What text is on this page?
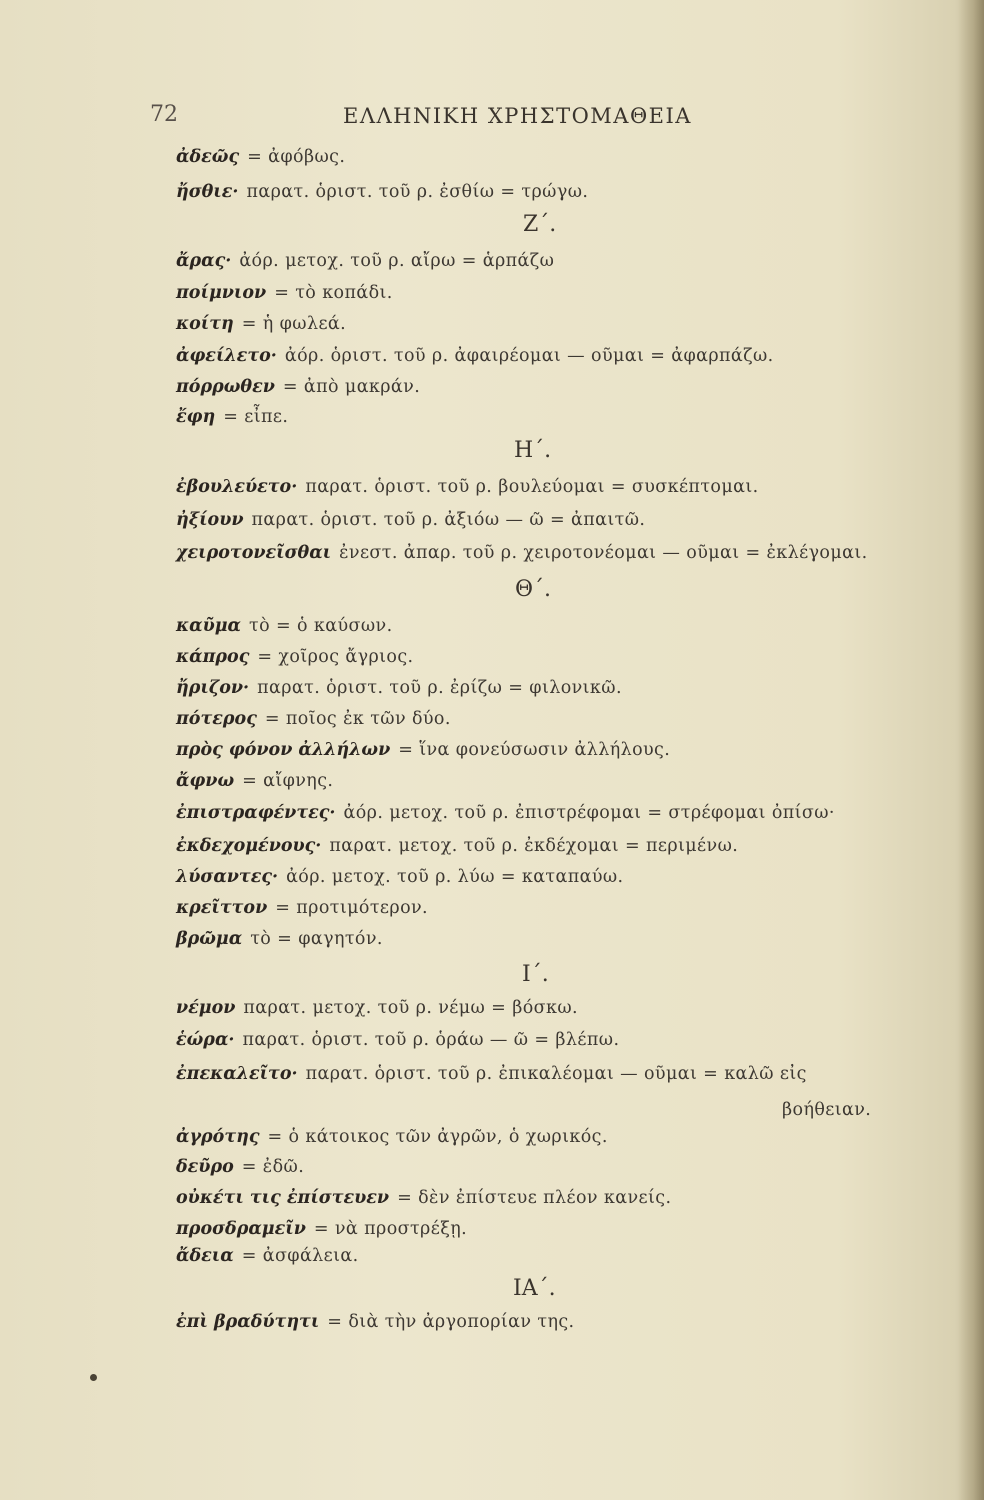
72	ΕΛΛΗΝΙΚΗ ΧΡΗΣΤΟΜΑΘΕΙΑ
ἀδεῶς = ἀφόβως.
ἤσθιε· παρατ. ὁριστ. τοῦ ρ. ἐσθίω = τρώγω.
Ζ΄.
ἄρας· ἀόρ. μετοχ. τοῦ ρ. αἴρω = ἁρπάζω
ποίμνιον = τὸ κοπάδι.
κοίτη = ἡ φωλεά.
ἀφείλετο· ἀόρ. ὁριστ. τοῦ ρ. ἀφαιρέομαι — οῦμαι = ἀφαρπάζω.
πόρρωθεν = ἀπὸ μακράν.
ἔφη = εἶπε.
Η΄.
ἐβουλεύετο· παρατ. ὁριστ. τοῦ ρ. βουλεύομαι = συσκέπτομαι.
ἠξίουν παρατ. ὁριστ. τοῦ ρ. ἀξιόω — ῶ = ἀπαιτῶ.
χειροτονεῖσθαι ἐνεστ. ἀπαρ. τοῦ ρ. χειροτονέομαι — οῦμαι = ἐκλέγομαι.
Θ΄.
καῦμα τὸ = ὁ καύσων.
κάπρος = χοῖρος ἄγριος.
ἤριζον· παρατ. ὁριστ. τοῦ ρ. ἐρίζω = φιλονικῶ.
πότερος = ποῖος ἐκ τῶν δύο.
πρὸς φόνον ἀλλήλων = ἵνα φονεύσωσιν ἀλλήλους.
ἄφνω = αἴφνης.
ἐπιστραφέντες· ἀόρ. μετοχ. τοῦ ρ. ἐπιστρέφομαι = στρέφομαι ὀπίσω·
ἐκδεχομένους· παρατ. μετοχ. τοῦ ρ. ἐκδέχομαι = περιμένω.
λύσαντες· ἀόρ. μετοχ. τοῦ ρ. λύω = καταπαύω.
κρεῖττον = προτιμότερον.
βρῶμα τὸ = φαγητόν.
Ι΄.
νέμον παρατ. μετοχ. τοῦ ρ. νέμω = βόσκω.
ἑώρα· παρατ. ὁριστ. τοῦ ρ. ὁράω — ῶ = βλέπω.
ἐπεκαλεῖτο· παρατ. ὁριστ. τοῦ ρ. ἐπικαλέομαι — οῦμαι = καλῶ εἰς
βοήθειαν.
ἀγρότης = ὁ κάτοικος τῶν ἀγρῶν, ὁ χωρικός.
δεῦρο = ἐδῶ.
οὐκέτι τις ἐπίστευεν = δὲν ἐπίστευε πλέον κανείς.
προσδραμεῖν = νὰ προστρέξῃ.
ἄδεια = ἀσφάλεια.
ΙΑ΄.
ἐπὶ βραδύτητι = διὰ τὴν ἀργοπορίαν της.
